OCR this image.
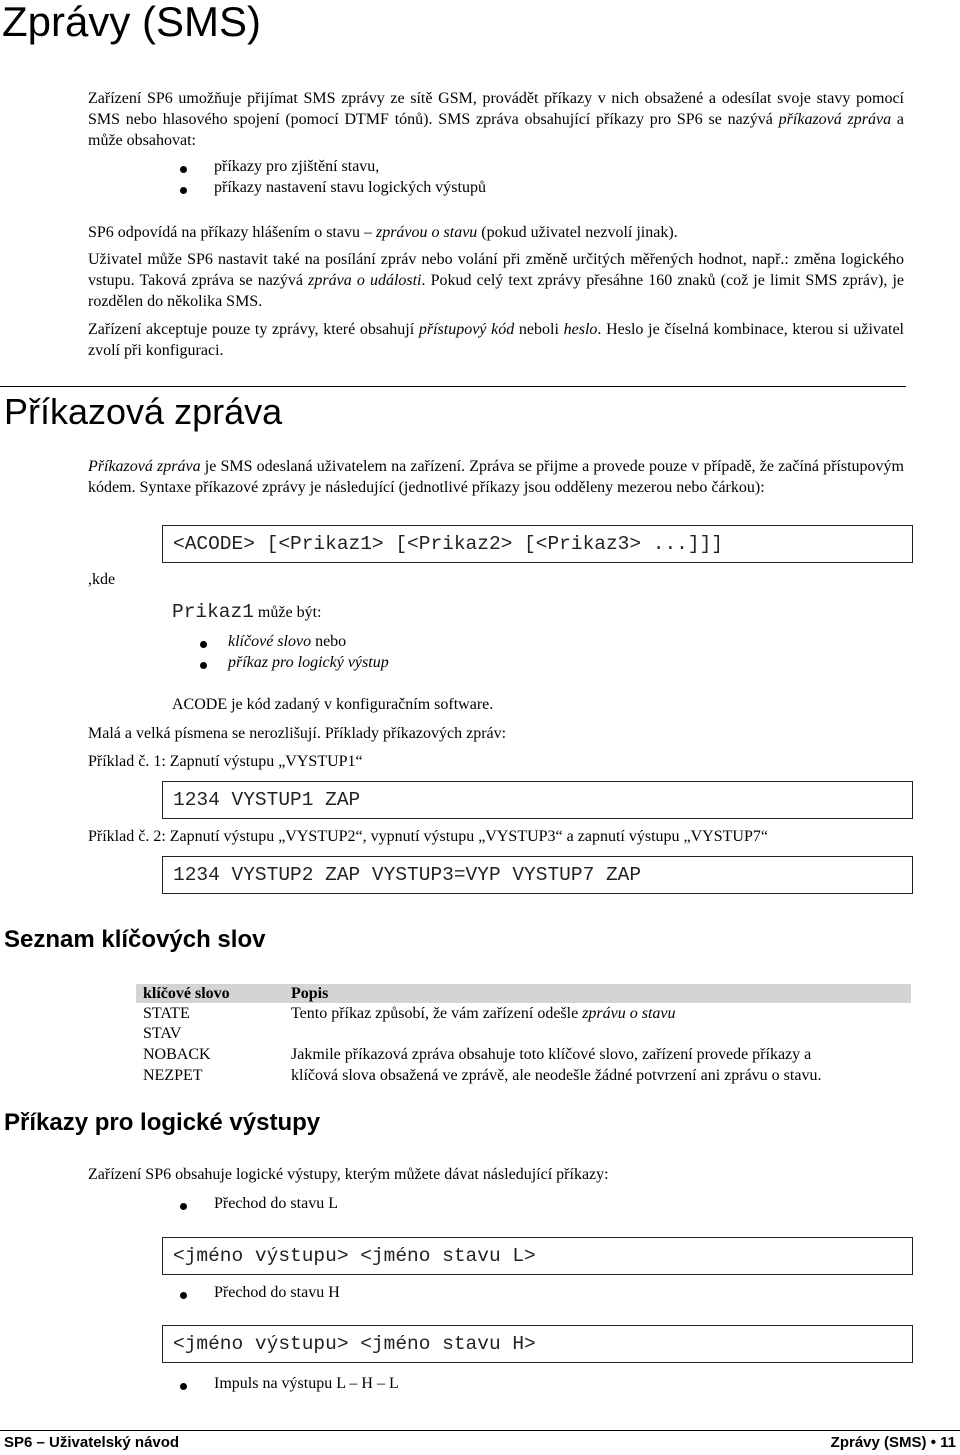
Zprávy (SMS)
Zařízení SP6 umožňuje přijímat SMS zprávy ze sítě GSM, provádět příkazy v nich obsažené a odesílat svoje stavy pomocí SMS nebo hlasového spojení (pomocí DTMF tónů). SMS zpráva obsahující příkazy pro SP6 se nazývá příkazová zpráva a může obsahovat:
příkazy pro zjištění stavu,
příkazy nastavení stavu logických výstupů
SP6 odpovídá na příkazy hlášením o stavu – zprávou o stavu (pokud uživatel nezvolí jinak).
Uživatel může SP6 nastavit také na posílání zpráv nebo volání při změně určitých měřených hodnot, např.: změna logického vstupu. Taková zpráva se nazývá zpráva o události. Pokud celý text zprávy přesáhne 160 znaků (což je limit SMS zpráv), je rozdělen do několika SMS.
Zařízení akceptuje pouze ty zprávy, které obsahují přístupový kód neboli heslo. Heslo je číselná kombinace, kterou si uživatel zvolí při konfiguraci.
Příkazová zpráva
Příkazová zpráva je SMS odeslaná uživatelem na zařízení. Zpráva se přijme a provede pouze v případě, že začíná přístupovým kódem. Syntaxe příkazové zprávy je následující (jednotlivé příkazy jsou odděleny mezerou nebo čárkou):
<ACODE> [<Prikaz1> [<Prikaz2> [<Prikaz3> ...]]]
,kde
Prikaz1 může být:
klíčové slovo nebo
příkaz pro logický výstup
ACODE je kód zadaný v konfiguračním software.
Malá a velká písmena se nerozlišují. Příklady příkazových zpráv:
Příklad č. 1: Zapnutí výstupu „VYSTUP1“
1234 VYSTUP1 ZAP
Příklad č. 2: Zapnutí výstupu „VYSTUP2“, vypnutí výstupu „VYSTUP3“ a zapnutí výstupu „VYSTUP7“
1234 VYSTUP2 ZAP VYSTUP3=VYP VYSTUP7 ZAP
Seznam klíčových slov
klíčové slovo	Popis
STATE
STAV
NOBACK
NEZPET
Tento příkaz způsobí, že vám zařízení odešle zprávu o stavu
Jakmile příkazová zpráva obsahuje toto klíčové slovo, zařízení provede příkazy a
klíčová slova obsažená ve zprávě, ale neodešle žádné potvrzení ani zprávu o stavu.
Příkazy pro logické výstupy
Zařízení SP6 obsahuje logické výstupy, kterým můžete dávat následující příkazy:
Přechod do stavu L
<jméno výstupu> <jméno stavu L>
Přechod do stavu H
<jméno výstupu> <jméno stavu H>
Impuls na výstupu L – H – L
SP6 – Uživatelský návod	Zprávy (SMS) • 11
